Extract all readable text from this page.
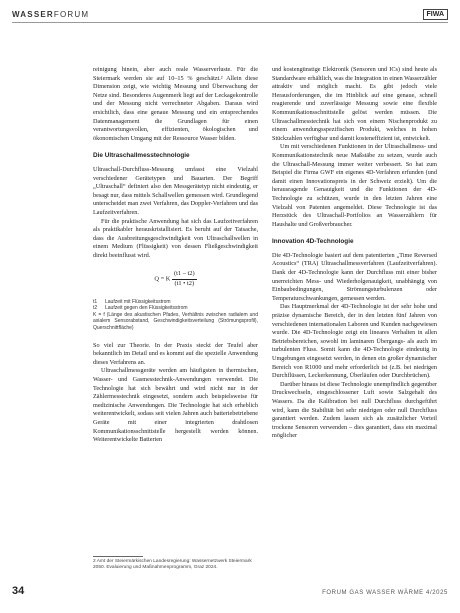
WASSERFORUM	FIWA

reinigung hinein, aber auch reale Wasserverluste. Für die Steiermark werden sie auf 10–15 % geschätzt.² Allein diese Dimension zeigt, wie wichtig Messung und Überwachung der Netze sind. Besonderes Augenmerk liegt auf der Leckagekontrolle und der Messung nicht verrechneter Abgaben. Daraus wird ersichtlich, dass eine genaue Messung und ein entsprechendes Datenmanagement die Grundlagen für einen verantwortungsvollen, effizienten, ökologischen und ökonomischen Umgang mit der Ressource Wasser bilden.

Die Ultraschallmesstechnologie

Ultraschall-Durchfluss-Messung umfasst eine Vielzahl verschiedener Gerätetypen und Bauarten. Der Begriff „Ultraschall“ definiert also den Messgerätetyp nicht eindeutig, er besagt nur, dass mittels Schallwellen gemessen wird. Grundlegend unterscheidet man zwei Verfahren, das Doppler-Verfahren und das Laufzeitverfahren.

Für die praktische Anwendung hat sich das Laufzeitverfahren als praktikabler herauskristallisiert. Es beruht auf der Tatsache, dass die Ausbreitungsgeschwindigkeit von Ultraschallwellen in einem Medium (Flüssigkeit) von dessen Fließgeschwindigkeit direkt beeinflusst wird.

Q = K $\frac{(t1 - t2)}{(t1 • t2)}$
t1	Laufzeit mit Flüssigkeitsstrom
t2	Laufzeit gegen den Flüssigkeitsstrom
K = f (Länge des akustischen Pfades, Verhältnis zwischen radialem und axialem Sensorabstand, Geschwindigkeitsverteilung (Strömungsprofil), Querschnittfläche)

So viel zur Theorie. In der Praxis steckt der Teufel aber bekanntlich im Detail und es kommt auf die spezielle Anwendung dieses Verfahrens an.

Ultraschallmessgeräte werden am häufigsten in thermischen, Wasser- und Gasmesstechnik-Anwendungen verwendet. Die Technologie hat sich bewährt und wird nicht nur in der Zählermesstechnik eingesetzt, sondern auch beispielsweise für medizinische Anwendungen. Die Technologie hat sich erheblich weiterentwickelt, sodass seit vielen Jahren auch batteriebetriebene Geräte mit einer integrierten drahtlosen Kommunikationsschnittstelle hergestellt werden können. Weiterentwickelte Batterien

und kostengünstige Elektronik (Sensoren und ICs) sind heute als Standardware erhältlich, was die Integration in einen Wasserzähler attraktiv und möglich macht. Es gibt jedoch viele Herausforderungen, die im Hinblick auf eine genaue, schnell reagierende und zuverlässige Messung sowie eine flexible Kommunikationsschnittstelle gelöst werden müssen. Die Ultraschallmesstechnik hat sich von einem Nischenprodukt zu einem anwendungsspezifischen Produkt, welches in hohen Stückzahlen verfügbar und damit kosteneffizient ist, entwickelt.

Um mit verschiedenen Funktionen in der Ultraschallmess- und Kommunikationstechnik neue Maßstäbe zu setzen, wurde auch die Ultraschall-Messung immer weiter verbessert. So hat zum Beispiel die Firma GWF ein eigenes 4D-Verfahren erfunden (und damit einen Innovationspreis in der Schweiz erzielt). Um die herausragende Genauigkeit und die Funktionen der 4D-Technologie zu schützen, wurde in den letzten Jahren eine Vielzahl von Patenten angemeldet. Diese Technologie ist das Herzstück des Ultraschall-Portfolios an Wasserzählern für Haushalte und Großverbraucher.

Innovation 4D-Technologie

Die 4D-Technologie basiert auf dem patentierten „Time Reversed Acoustics“ (TRA) Ultraschallmessverfahren (Laufzeitverfahren). Dank der 4D-Technologie kann der Durchfluss mit einer bisher unerreichten Mess- und Wiederholgenauigkeit, unabhängig von Einbaubedingungen, Strömungsturbulenzen oder Temperaturschwankungen, gemessen werden.

Das Hauptmerkmal der 4D-Technologie ist der sehr hohe und präzise dynamische Bereich, der in den letzten fünf Jahren von verschiedenen internationalen Laboren und Kunden nachgewiesen wurde. Die 4D-Technologie zeigt ein lineares Verhalten in allen Betriebsbereichen, sowohl im laminaren Übergangs- als auch im turbulenten Fluss. Somit kann die 4D-Technologie eindeutig in Umgebungen eingesetzt werden, in denen ein großer dynamischer Bereich von R1000 und mehr erforderlich ist (z.B. bei niedrigen Durchflüssen, Leckerkennung, Überläufen oder Durchbrüchen).

Darüber hinaus ist diese Technologie unempfindlich gegenüber Druckwechseln, eingeschlossener Luft sowie Salzgehalt des Wassers. Da die Kalibration bei null Durchfluss durchgeführt wird, kann die Stabilität bei sehr niedrigen oder null Durchfluss garantiert werden. Zudem lassen sich als zusätzlicher Vorteil trockene Sensoren verwenden – dies garantiert, dass ein maximal möglicher

2 Amt der Steiermärkischen Landesregierung: Wassernetzwerk Steiermark 2050. Evaluierung und Maßnahmenprogramm, Graz 2024.
34	FORUM GAS WASSER WÄRME 4/2025
